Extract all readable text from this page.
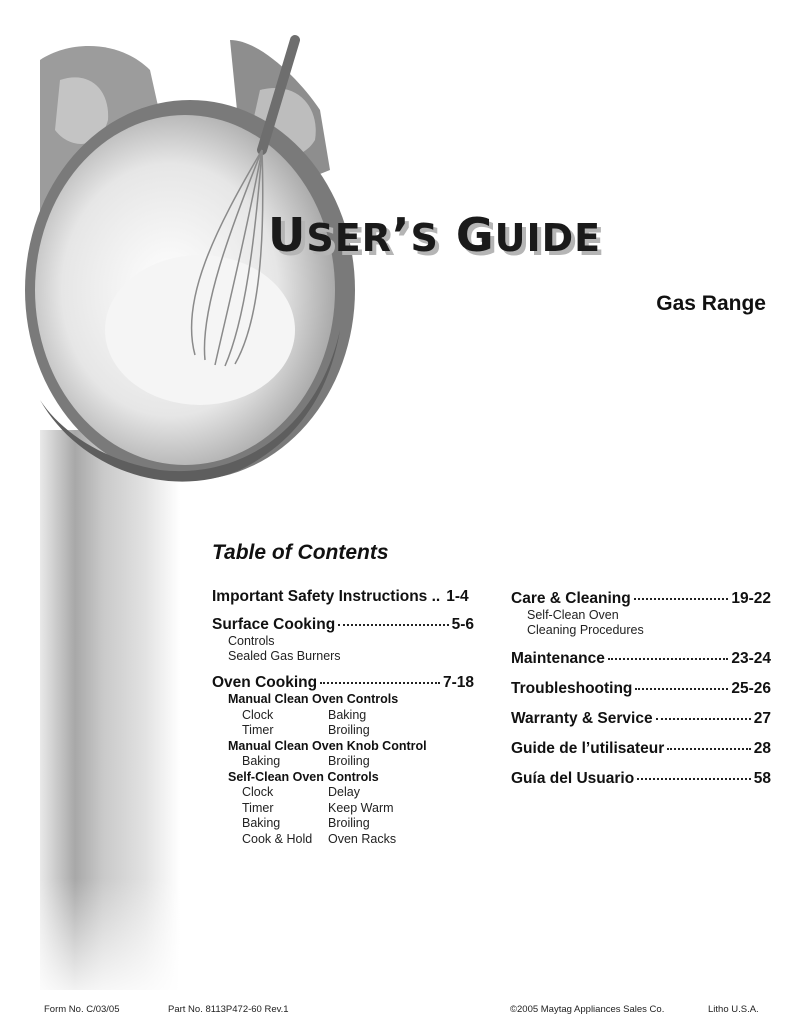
USER’S GUIDE
Gas Range
Table of Contents
Important Safety Instructions .. 1-4
Surface Cooking	5-6
Controls
Sealed Gas Burners
Oven Cooking	7-18
Manual Clean Oven Controls
Clock	Baking
Timer	Broiling
Manual Clean Oven Knob Control
Baking	Broiling
Self-Clean Oven Controls
Clock	Delay
Timer	Keep Warm
Baking	Broiling
Cook & Hold	Oven Racks
Care & Cleaning	19-22
Self-Clean Oven
Cleaning Procedures
Maintenance	23-24
Troubleshooting	25-26
Warranty & Service	27
Guide de l’utilisateur	28
Guía del Usuario	58
Form No. C/03/05	Part No. 8113P472-60 Rev.1	©2005 Maytag Appliances Sales Co.	Litho U.S.A.
